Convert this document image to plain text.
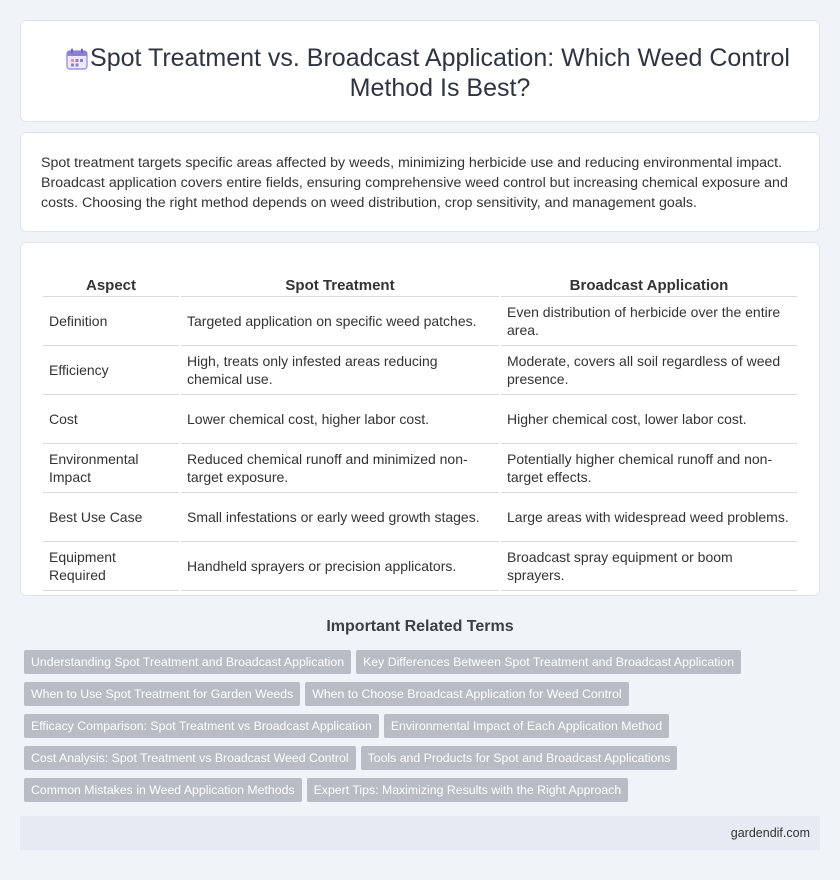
Spot Treatment vs. Broadcast Application: Which Weed Control Method Is Best?

Spot treatment targets specific areas affected by weeds, minimizing herbicide use and reducing environmental impact. Broadcast application covers entire fields, ensuring comprehensive weed control but increasing chemical exposure and costs. Choosing the right method depends on weed distribution, crop sensitivity, and management goals.

Aspect	Spot Treatment	Broadcast Application
Definition	Targeted application on specific weed patches.	Even distribution of herbicide over the entire area.
Efficiency	High, treats only infested areas reducing chemical use.	Moderate, covers all soil regardless of weed presence.
Cost	Lower chemical cost, higher labor cost.	Higher chemical cost, lower labor cost.
Environmental Impact	Reduced chemical runoff and minimized non-target exposure.	Potentially higher chemical runoff and non-target effects.
Best Use Case	Small infestations or early weed growth stages.	Large areas with widespread weed problems.
Equipment Required	Handheld sprayers or precision applicators.	Broadcast spray equipment or boom sprayers.
Important Related Terms
Understanding Spot Treatment and Broadcast Application Key Differences Between Spot Treatment and Broadcast Application
When to Use Spot Treatment for Garden Weeds When to Choose Broadcast Application for Weed Control
Efficacy Comparison: Spot Treatment vs Broadcast Application Environmental Impact of Each Application Method
Cost Analysis: Spot Treatment vs Broadcast Weed Control Tools and Products for Spot and Broadcast Applications
Common Mistakes in Weed Application Methods Expert Tips: Maximizing Results with the Right Approach
gardendif.com
